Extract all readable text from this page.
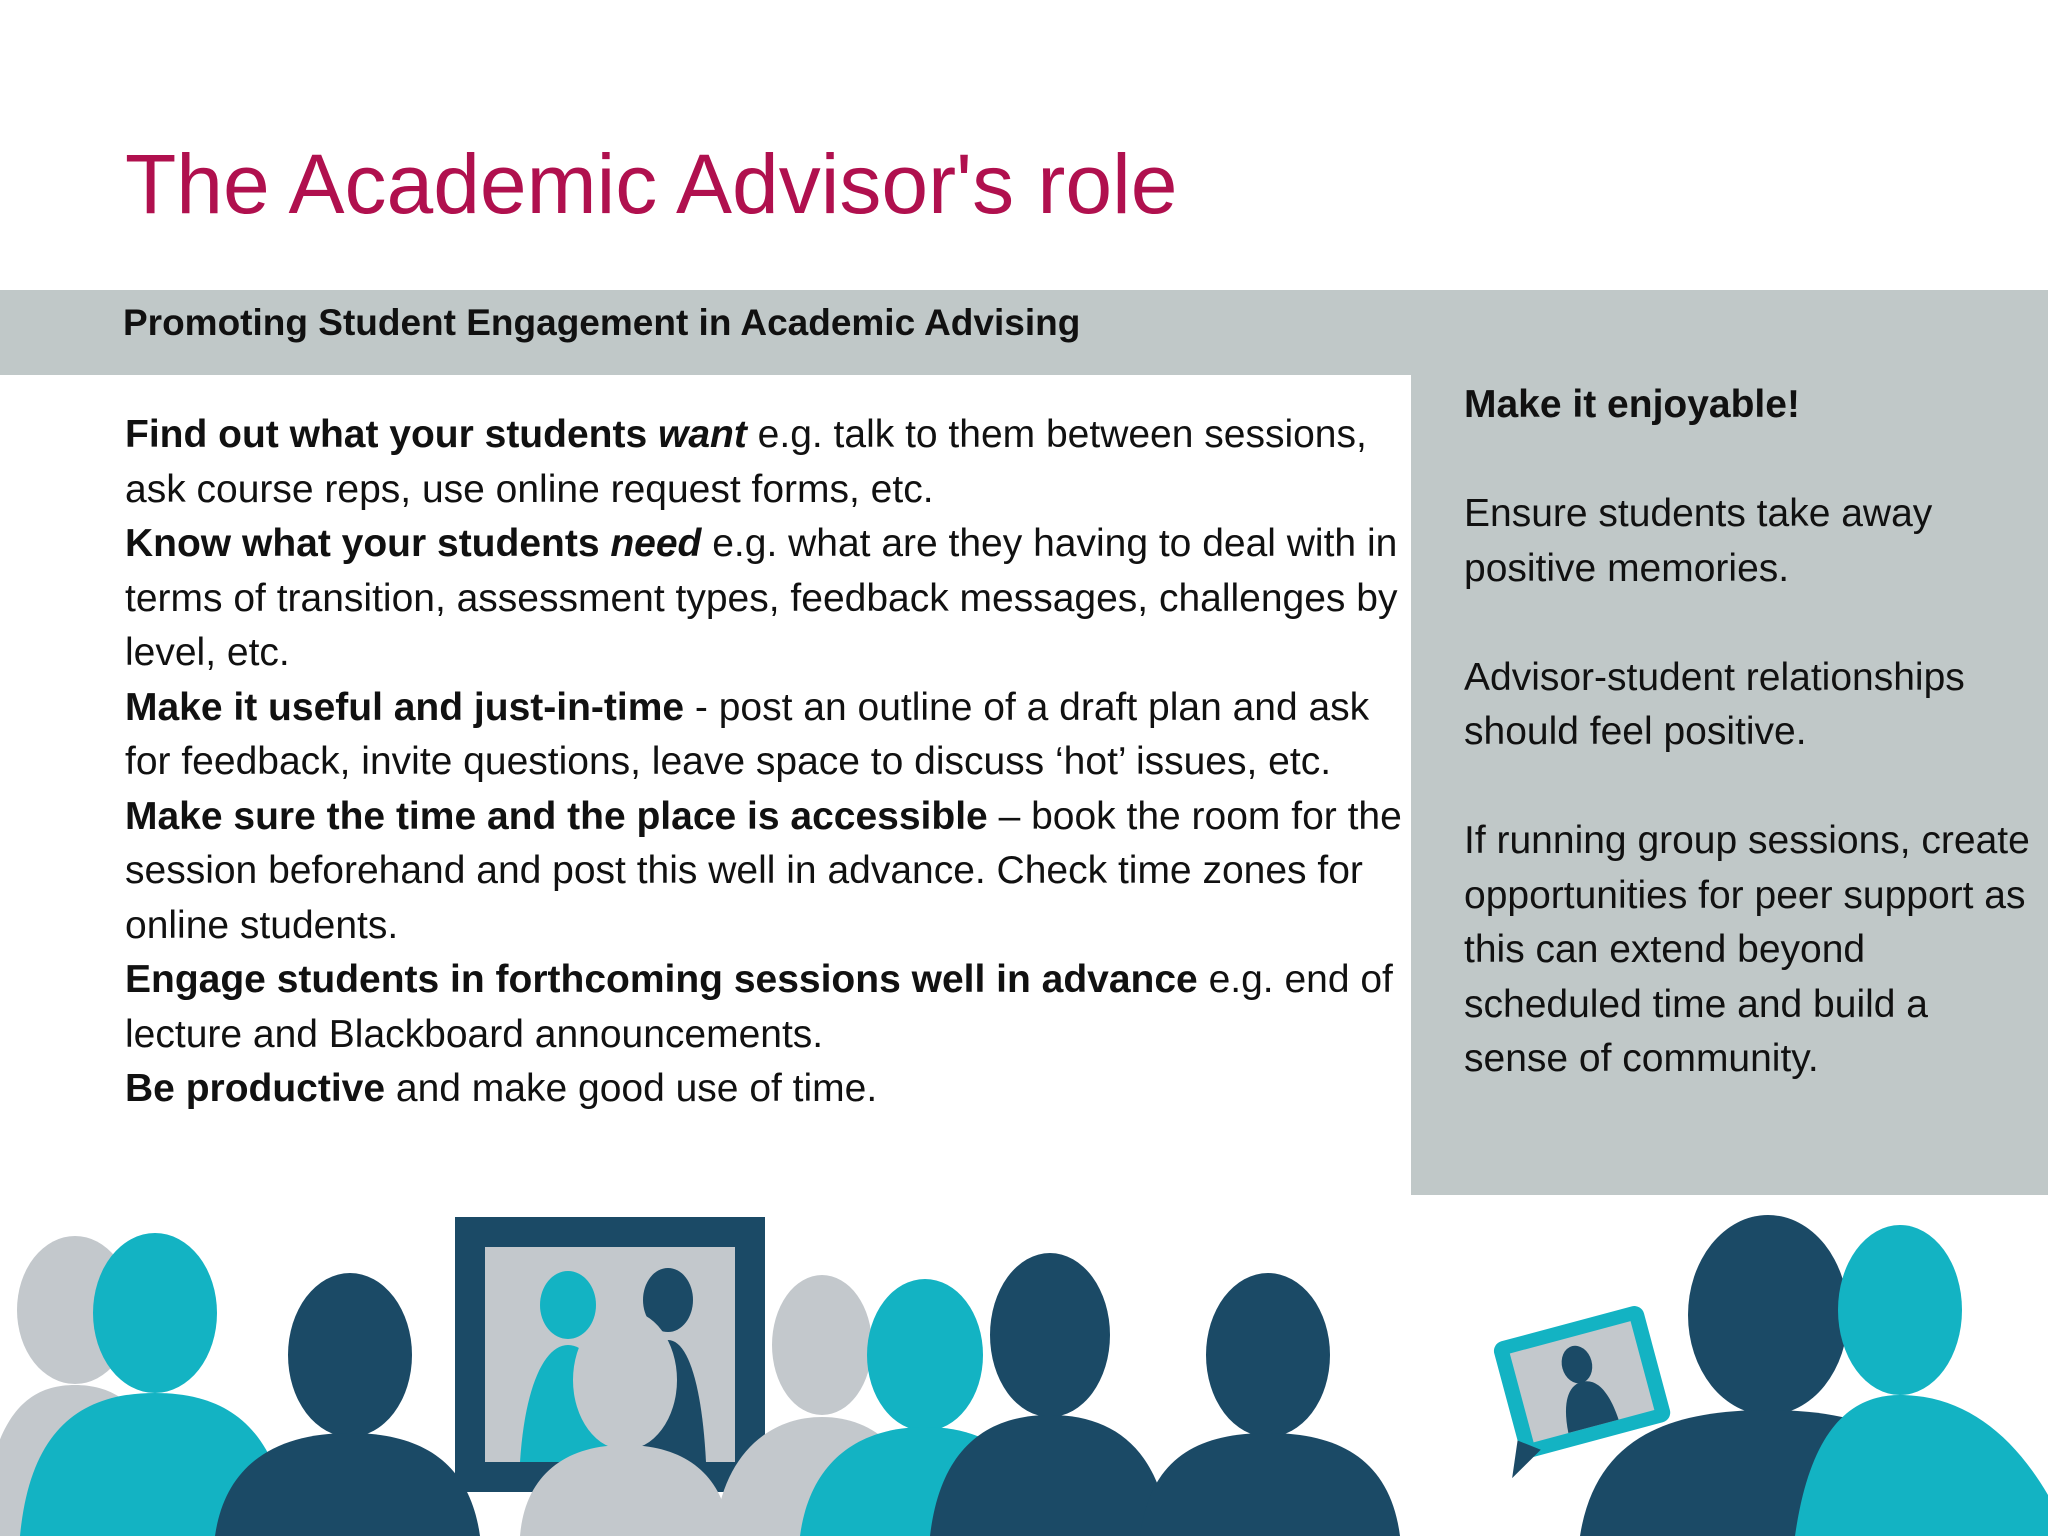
The Academic Advisor's role
Promoting Student Engagement in Academic Advising

Find out what your students want e.g. talk to them between sessions, ask course reps, use online request forms, etc.

Know what your students need e.g. what are they having to deal with in terms of transition, assessment types, feedback messages, challenges by level, etc.

Make it useful and just-in-time - post an outline of a draft plan and ask for feedback, invite questions, leave space to discuss ‘hot’ issues, etc.

Make sure the time and the place is accessible – book the room for the session beforehand and post this well in advance. Check time zones for online students.

Engage students in forthcoming sessions well in advance e.g. end of lecture and Blackboard announcements.

Be productive and make good use of time.

Make it enjoyable!

Ensure students take away positive memories.

Advisor-student relationships should feel positive.

If running group sessions, create opportunities for peer support as this can extend beyond scheduled time and build a sense of community.
